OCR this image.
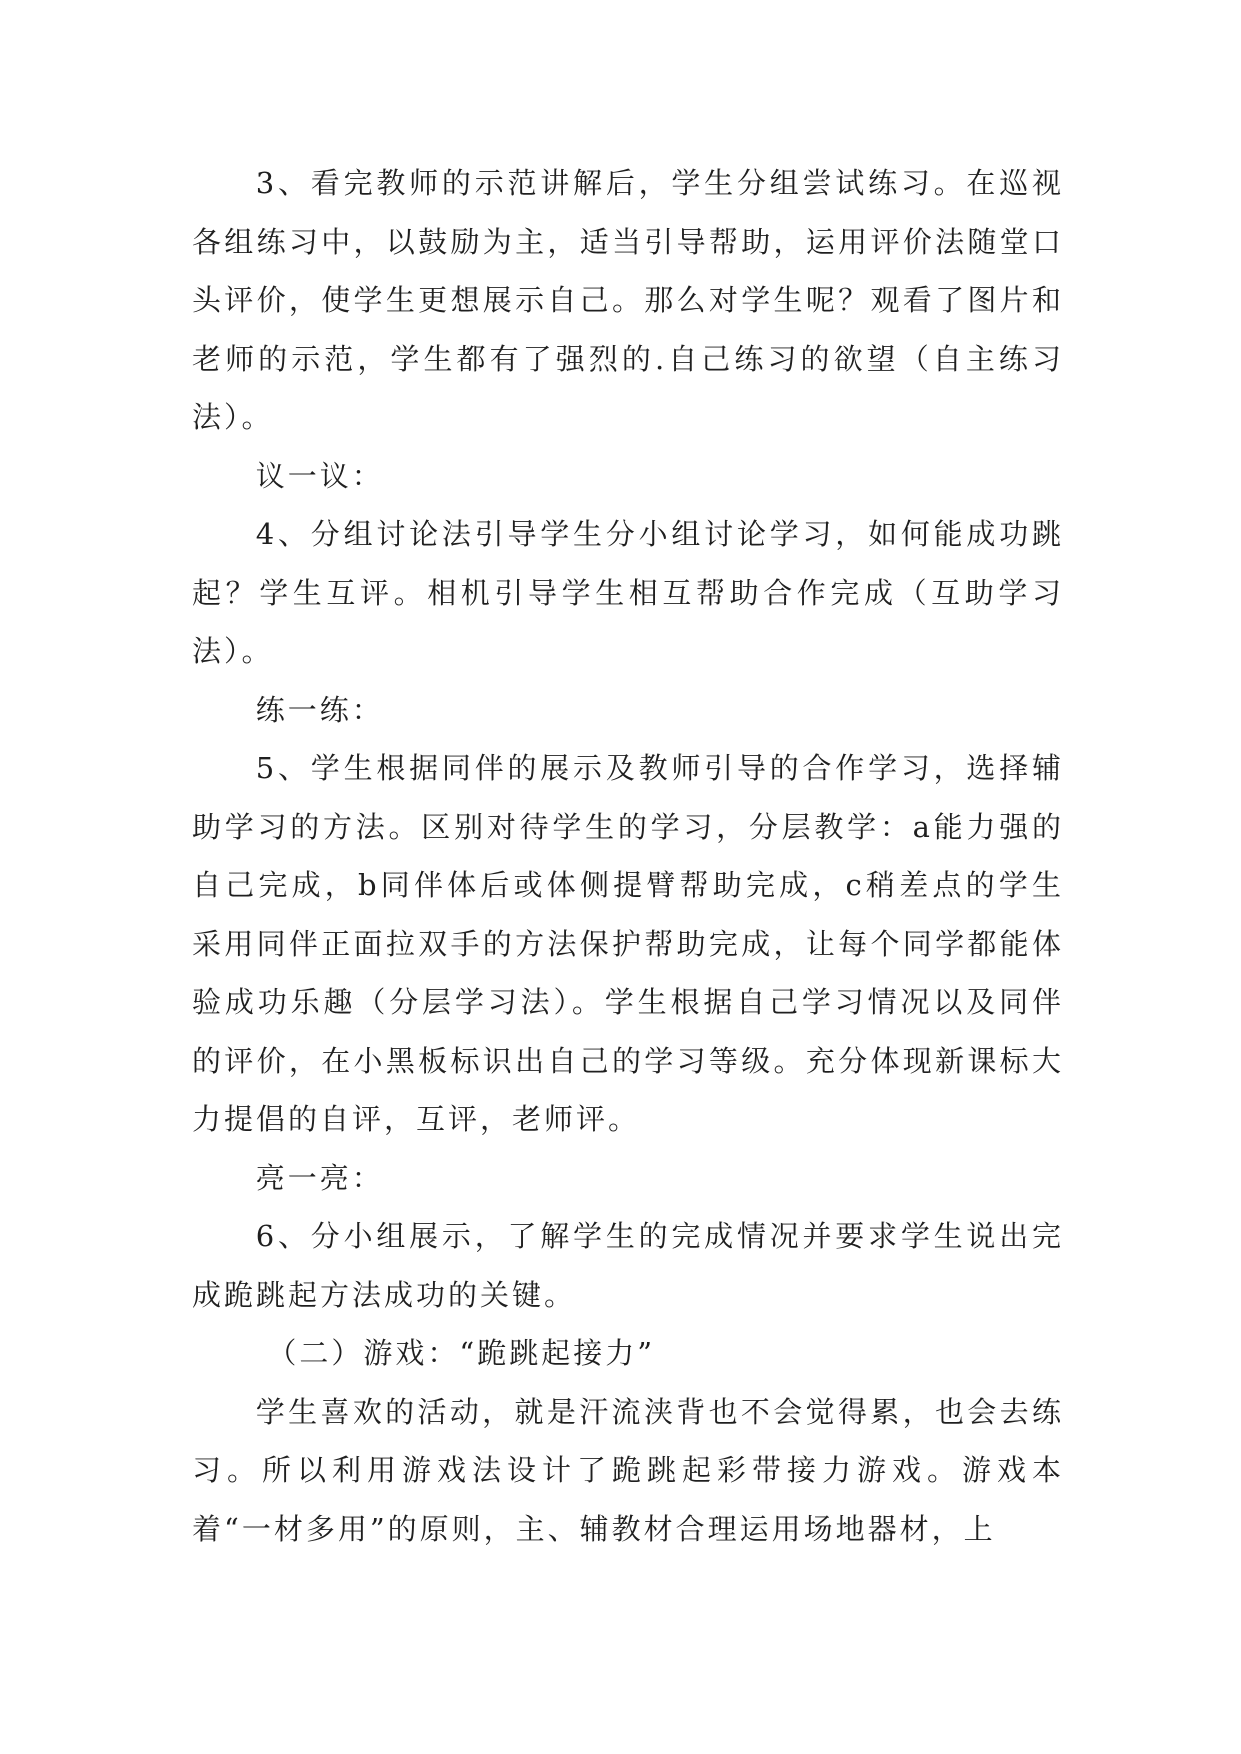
3、看完教师的示范讲解后，学生分组尝试练习。在巡视各组练习中，以鼓励为主，适当引导帮助，运用评价法随堂口头评价，使学生更想展示自己。那么对学生呢？观看了图片和老师的示范，学生都有了强烈的.自己练习的欲望（自主练习法）。

议一议：

4、分组讨论法引导学生分小组讨论学习，如何能成功跳起？学生互评。相机引导学生相互帮助合作完成（互助学习法）。

练一练：

5、学生根据同伴的展示及教师引导的合作学习，选择辅助学习的方法。区别对待学生的学习，分层教学：a能力强的自己完成，b同伴体后或体侧提臂帮助完成，c稍差点的学生采用同伴正面拉双手的方法保护帮助完成，让每个同学都能体验成功乐趣（分层学习法）。学生根据自己学习情况以及同伴的评价，在小黑板标识出自己的学习等级。充分体现新课标大力提倡的自评，互评，老师评。

亮一亮：

6、分小组展示，了解学生的完成情况并要求学生说出完成跪跳起方法成功的关键。

（二）游戏：“跪跳起接力”

学生喜欢的活动，就是汗流浃背也不会觉得累，也会去练习。所以利用游戏法设计了跪跳起彩带接力游戏。游戏本着“一材多用”的原则，主、辅教材合理运用场地器材，上
